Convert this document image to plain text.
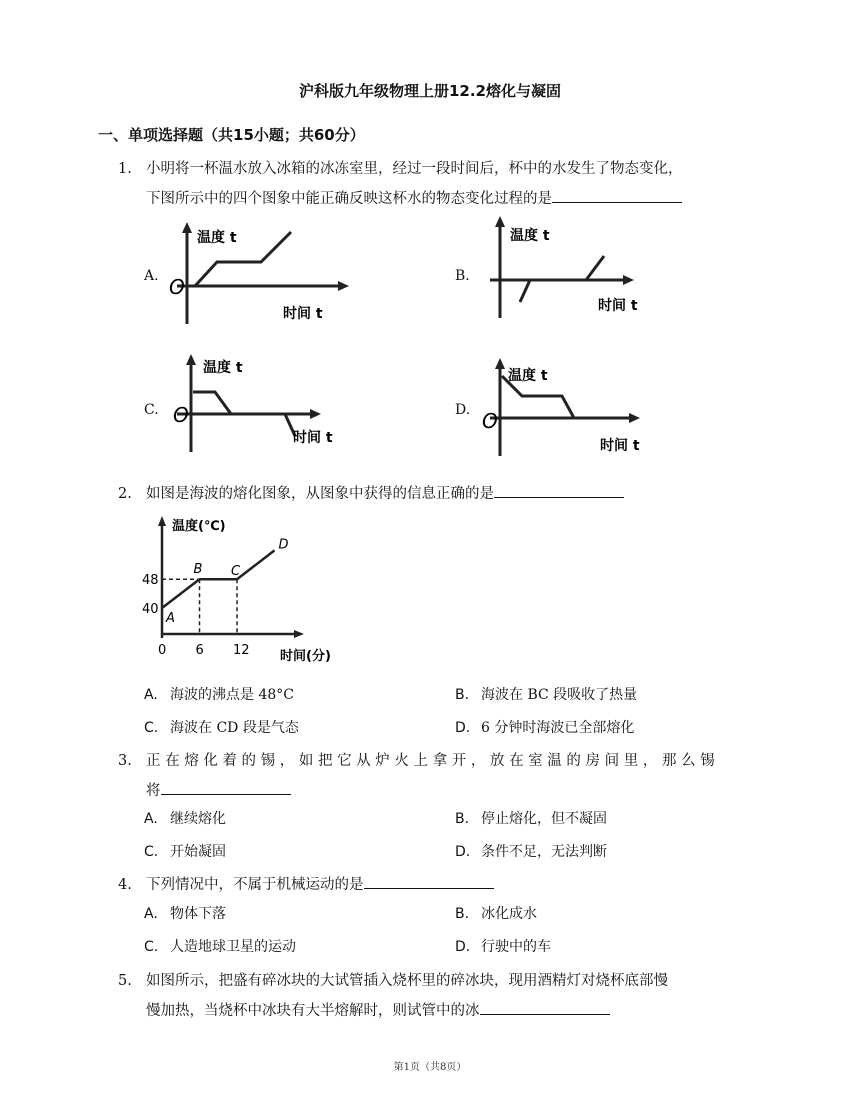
沪科版九年级物理上册12.2熔化与凝固
一、单项选择题（共15小题；共60分）
1. 小明将一杯温水放入冰箱的冰冻室里，经过一段时间后，杯中的水发生了物态变化，
下图所示中的四个图象中能正确反映这杯水的物态变化过程的是
A.	B.
C.	D.
温度 t
时间 t
O
温度 t
时间 t
温度 t
时间 t
O
温度 t
时间 t
O
2. 如图是海波的熔化图象，从图象中获得的信息正确的是
温度(℃)
时间(分)
A
B C
D
40
48
0 6 12
A. 海波的沸点是 48°C	B. 海波在 BC 段吸收了热量
C. 海波在 CD 段是气态	D. 6 分钟时海波已全部熔化
3. 正 在 熔 化 着 的 锡 ， 如 把 它 从 炉 火 上 拿 开 ， 放 在 室 温 的 房 间 里 ， 那 么 锡
将
A. 继续熔化	B. 停止熔化，但不凝固
C. 开始凝固	D. 条件不足，无法判断
4. 下列情况中，不属于机械运动的是
A. 物体下落	B. 冰化成水
C. 人造地球卫星的运动	D. 行驶中的车
5. 如图所示，把盛有碎冰块的大试管插入烧杯里的碎冰块，现用酒精灯对烧杯底部慢
慢加热，当烧杯中冰块有大半熔解时，则试管中的冰
第1页（共8页）
